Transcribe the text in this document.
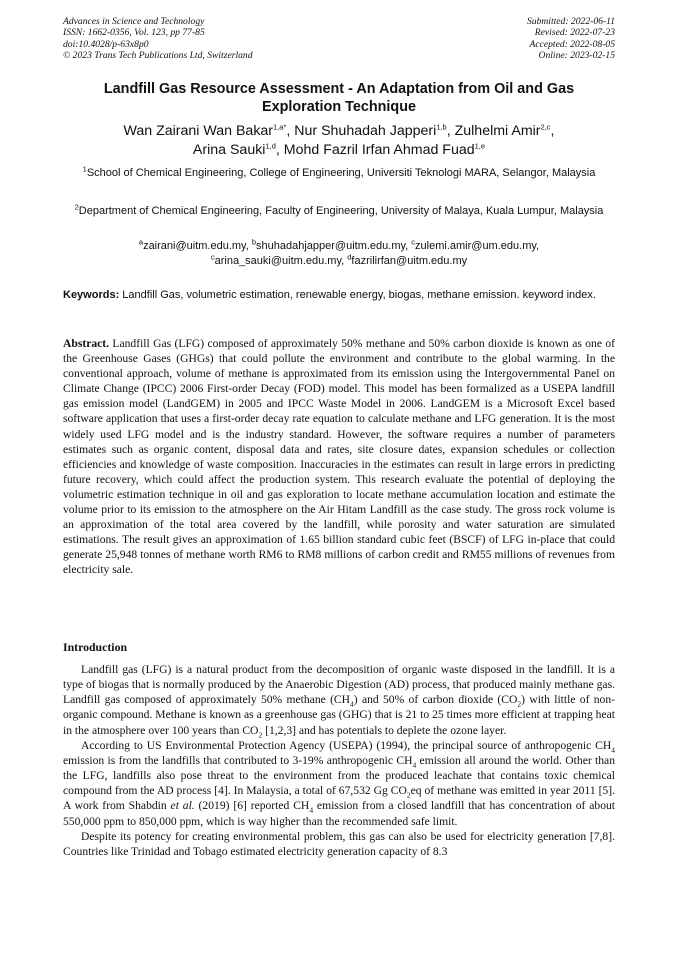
Advances in Science and Technology
ISSN: 1662-0356, Vol. 123, pp 77-85
doi:10.4028/p-63x8p0
© 2023 Trans Tech Publications Ltd, Switzerland
Submitted: 2022-06-11
Revised: 2022-07-23
Accepted: 2022-08-05
Online: 2023-02-15
Landfill Gas Resource Assessment - An Adaptation from Oil and Gas
Exploration Technique
Wan Zairani Wan Bakar$^{1,a*}$, Nur Shuhadah Japperi$^{1,b}$, Zulhelmi Amir$^{2,c}$,
Arina Sauki$^{1,d}$, Mohd Fazril Irfan Ahmad Fuad$^{1,e}$
$^1$School of Chemical Engineering, College of Engineering, Universiti Teknologi MARA, Selangor, Malaysia
$^2$Department of Chemical Engineering, Faculty of Engineering, University of Malaya, Kuala Lumpur, Malaysia
$^a$zairani@uitm.edu.my, $^b$shuhadahjapper@uitm.edu.my, $^c$zulemi.amir@um.edu.my,
$^c$arina_sauki@uitm.edu.my, $^d$fazrilirfan@uitm.edu.my
Keywords: Landfill Gas, volumetric estimation, renewable energy, biogas, methane emission. keyword index.
Abstract. Landfill Gas (LFG) composed of approximately 50% methane and 50% carbon dioxide is known as one of the Greenhouse Gases (GHGs) that could pollute the environment and contribute to the global warming. In the conventional approach, volume of methane is approximated from its emission using the Intergovernmental Panel on Climate Change (IPCC) 2006 First-order Decay (FOD) model. This model has been formalized as a USEPA landfill gas emission model (LandGEM) in 2005 and IPCC Waste Model in 2006. LandGEM is a Microsoft Excel based software application that uses a first-order decay rate equation to calculate methane and LFG generation. It is the most widely used LFG model and is the industry standard. However, the software requires a number of parameters estimates such as organic content, disposal data and rates, site closure dates, expansion schedules or collection efficiencies and knowledge of waste composition. Inaccuracies in the estimates can result in large errors in predicting future recovery, which could affect the production system. This research evaluate the potential of deploying the volumetric estimation technique in oil and gas exploration to locate methane accumulation location and estimate the volume prior to its emission to the atmosphere on the Air Hitam Landfill as the case study. The gross rock volume is an approximation of the total area covered by the landfill, while porosity and water saturation are simulated estimations. The result gives an approximation of 1.65 billion standard cubic feet (BSCF) of LFG in-place that could generate 25,948 tonnes of methane worth RM6 to RM8 millions of carbon credit and RM55 millions of revenues from electricity sale.
Introduction

Landfill gas (LFG) is a natural product from the decomposition of organic waste disposed in the landfill. It is a type of biogas that is normally produced by the Anaerobic Digestion (AD) process, that produced mainly methane gas. Landfill gas composed of approximately 50% methane $(CH_4)$ and 50% of carbon dioxide $(CO_2)$ with little of non-organic compound. Methane is known as a greenhouse gas (GHG) that is 21 to 25 times more efficient at trapping heat in the atmosphere over 100 years than $CO_2$ [1,2,3] and has potentials to deplete the ozone layer.

According to US Environmental Protection Agency (USEPA) (1994), the principal source of anthropogenic $CH_4$ emission is from the landfills that contributed to 3-19% anthropogenic $CH_4$ emission all around the world. Other than the LFG, landfills also pose threat to the environment from the produced leachate that contains toxic chemical compound from the AD process [4]. In Malaysia, a total of 67,532 Gg $CO_2eq$ of methane was emitted in year 2011 [5]. A work from Shabdin et al. (2019) [6] reported $CH_4$ emission from a closed landfill that has concentration of about 550,000 ppm to 850,000 ppm, which is way higher than the recommended safe limit.

Despite its potency for creating environmental problem, this gas can also be used for electricity generation [7,8]. Countries like Trinidad and Tobago estimated electricity generation capacity of 8.3
